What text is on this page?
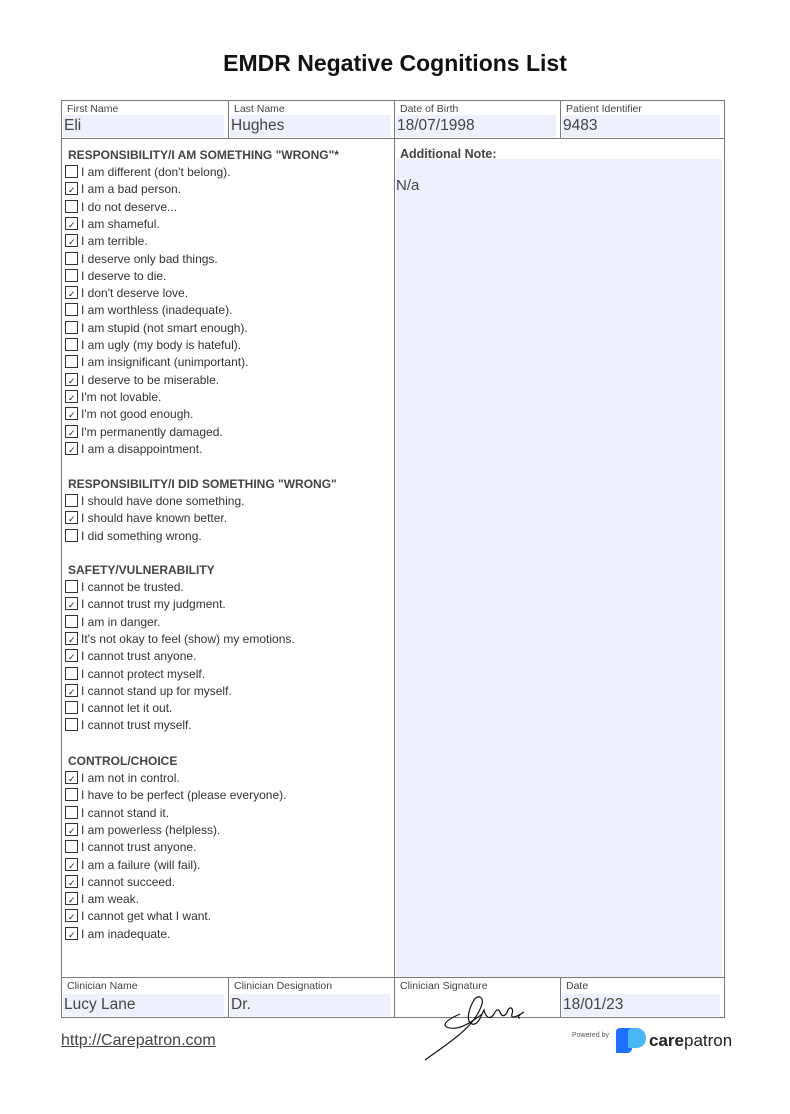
EMDR Negative Cognitions List
First Name
Eli
Last Name
Hughes
Date of Birth
18/07/1998
Patient Identifier
9483
RESPONSIBILITY/I AM SOMETHING "WRONG"*
I am different (don't belong).
✓ I am a bad person.
I do not deserve...
✓ I am shameful.
✓ I am terrible.
I deserve only bad things.
I deserve to die.
✓ I don't deserve love.
I am worthless (inadequate).
I am stupid (not smart enough).
I am ugly (my body is hateful).
I am insignificant (unimportant).
✓ I deserve to be miserable.
✓ I'm not lovable.
✓ I'm not good enough.
✓ I'm permanently damaged.
✓ I am a disappointment.
RESPONSIBILITY/I DID SOMETHING "WRONG"
I should have done something.
✓ I should have known better.
I did something wrong.
SAFETY/VULNERABILITY
I cannot be trusted.
✓ I cannot trust my judgment.
I am in danger.
✓ It's not okay to feel (show) my emotions.
✓ I cannot trust anyone.
I cannot protect myself.
✓ I cannot stand up for myself.
I cannot let it out.
I cannot trust myself.
CONTROL/CHOICE
✓ I am not in control.
I have to be perfect (please everyone).
I cannot stand it.
✓ I am powerless (helpless).
I cannot trust anyone.
✓ I am a failure (will fail).
✓ I cannot succeed.
✓ I am weak.
✓ I cannot get what I want.
✓ I am inadequate.
Additional Note:
N/a
Clinician Name
Lucy Lane
Clinician Designation
Dr.
Clinician Signature	Date
18/01/23
http://Carepatron.com	Powered by carepatron
